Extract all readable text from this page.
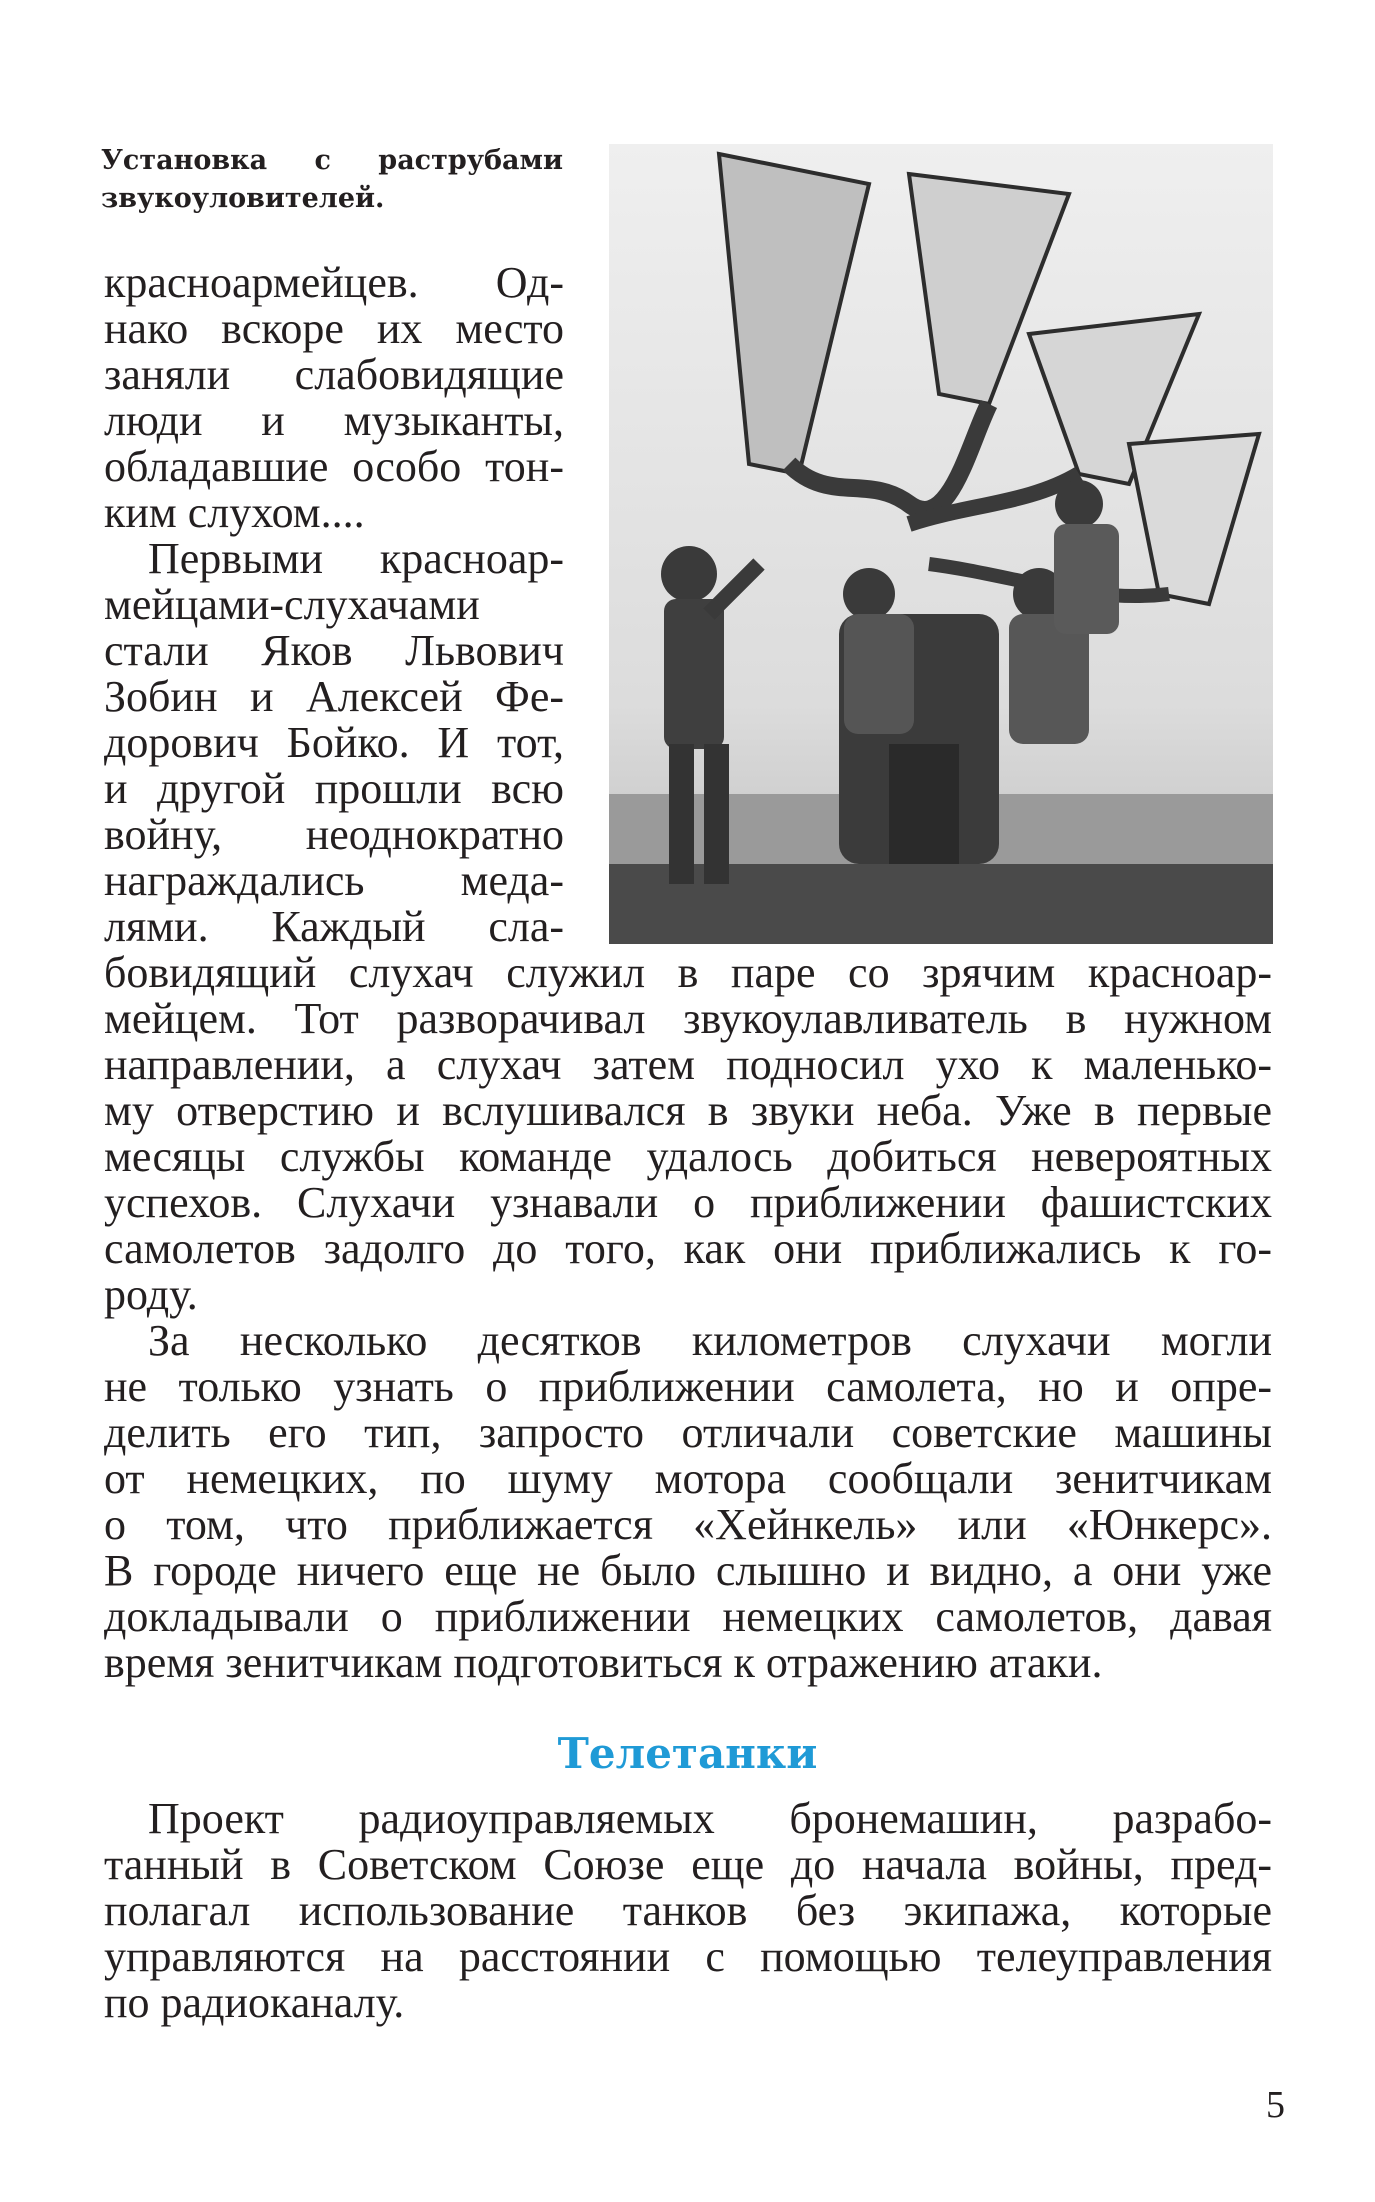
Установка с раструбами звукоуловителей.

красноармейцев. Од-

нако вскоре их место

заняли слабовидящие

люди и музыканты,

обладавшие особо тон-

ким слухом....

Первыми красноар-

мейцами-слухачами

стали Яков Львович

Зобин и Алексей Фе-

дорович Бойко. И тот,

и другой прошли всю

войну, неоднократно

награждались меда-

лями. Каждый сла-

бовидящий слухач служил в паре со зрячим красноар-

мейцем. Тот разворачивал звукоулавливатель в нужном

направлении, а слухач затем подносил ухо к маленько-

му отверстию и вслушивался в звуки неба. Уже в первые

месяцы службы команде удалось добиться невероятных

успехов. Слухачи узнавали о приближении фашистских

самолетов задолго до того, как они приближались к го-

роду.

За несколько десятков километров слухачи могли

не только узнать о приближении самолета, но и опре-

делить его тип, запросто отличали советские машины

от немецких, по шуму мотора сообщали зенитчикам

о том, что приближается «Хейнкель» или «Юнкерс».

В городе ничего еще не было слышно и видно, а они уже

докладывали о приближении немецких самолетов, давая

время зенитчикам подготовиться к отражению атаки.

Телетанки

Проект радиоуправляемых бронемашин, разрабо-

танный в Советском Союзе еще до начала войны, пред-

полагал использование танков без экипажа, которые

управляются на расстоянии с помощью телеуправления

по радиоканалу.

5
